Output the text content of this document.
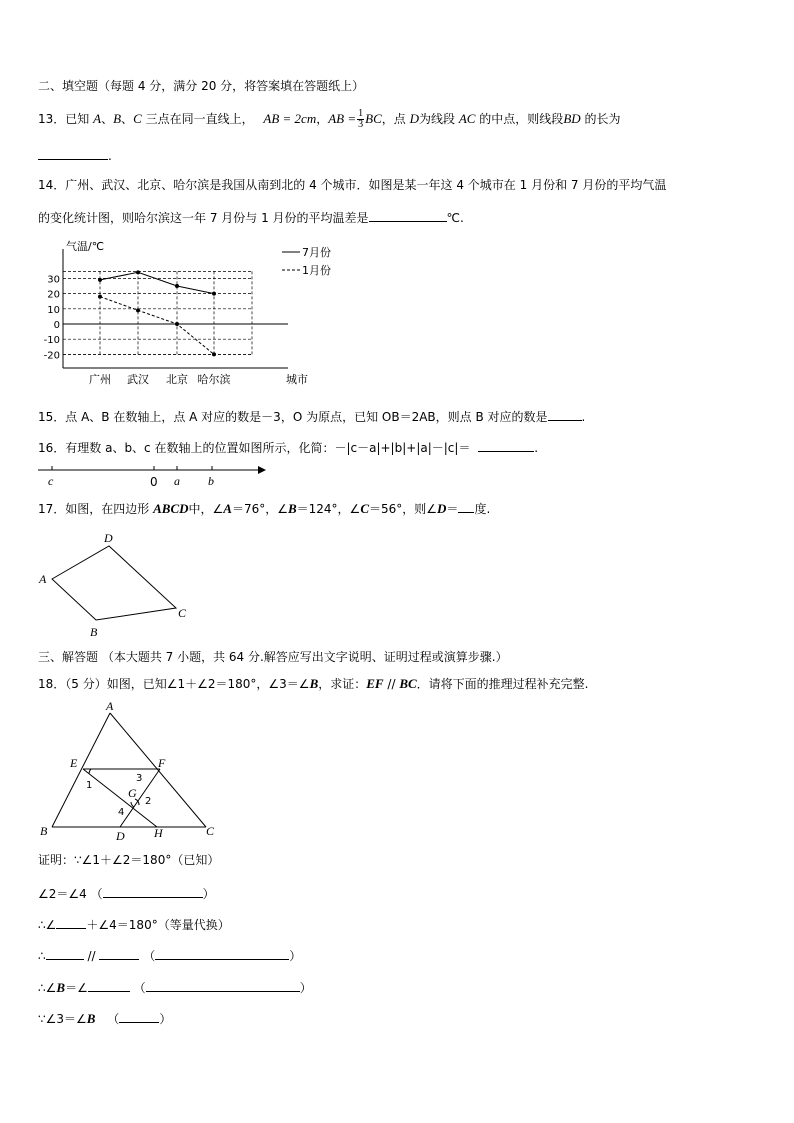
二、填空题（每题 4 分，满分 20 分，将答案填在答题纸上）
13．已知 A、B、C 三点在同一直线上， AB = 2cm，AB = $\frac{1}{3}$ BC，点 D为线段 AC 的中点，则线段BD 的长为
.
14．广州、武汉、北京、哈尔滨是我国从南到北的 4 个城市．如图是某一年这 4 个城市在 1 月份和 7 月份的平均气温
的变化统计图，则哈尔滨这一年 7 月份与 1 月份的平均温差是	℃.
气温/℃
城市
30
20
10
0
-10
-20
广州 武汉 北京 哈尔滨
7月份
1月份
15．点 A、B 在数轴上，点 A 对应的数是－3，O 为原点，已知 OB＝2AB，则点 B 对应的数是	.
16．有理数 a、b、c 在数轴上的位置如图所示，化简：－|c－a|+|b|+|a|－|c|＝	.
c	0 a b
17．如图，在四边形 ABCD中，∠A＝76°，∠B＝124°，∠C＝56°，则∠D＝ 度.
A
D
C
B
三、解答题 （本大题共 7 小题，共 64 分.解答应写出文字说明、证明过程或演算步骤.）
18．（5 分）如图，已知∠1＋∠2＝180°，∠3＝∠B，求证：EF // BC．请将下面的推理过程补充完整.
A
B	C
D
E	F
G
H
1
2
3
4
证明：∵∠1＋∠2＝180°（已知）
∠2＝∠4 （	）
∴∠	＋∠4＝180°（等量代换）
∴	//	（	）
∴∠B＝∠	（	）
∵∠3＝∠B （	）
